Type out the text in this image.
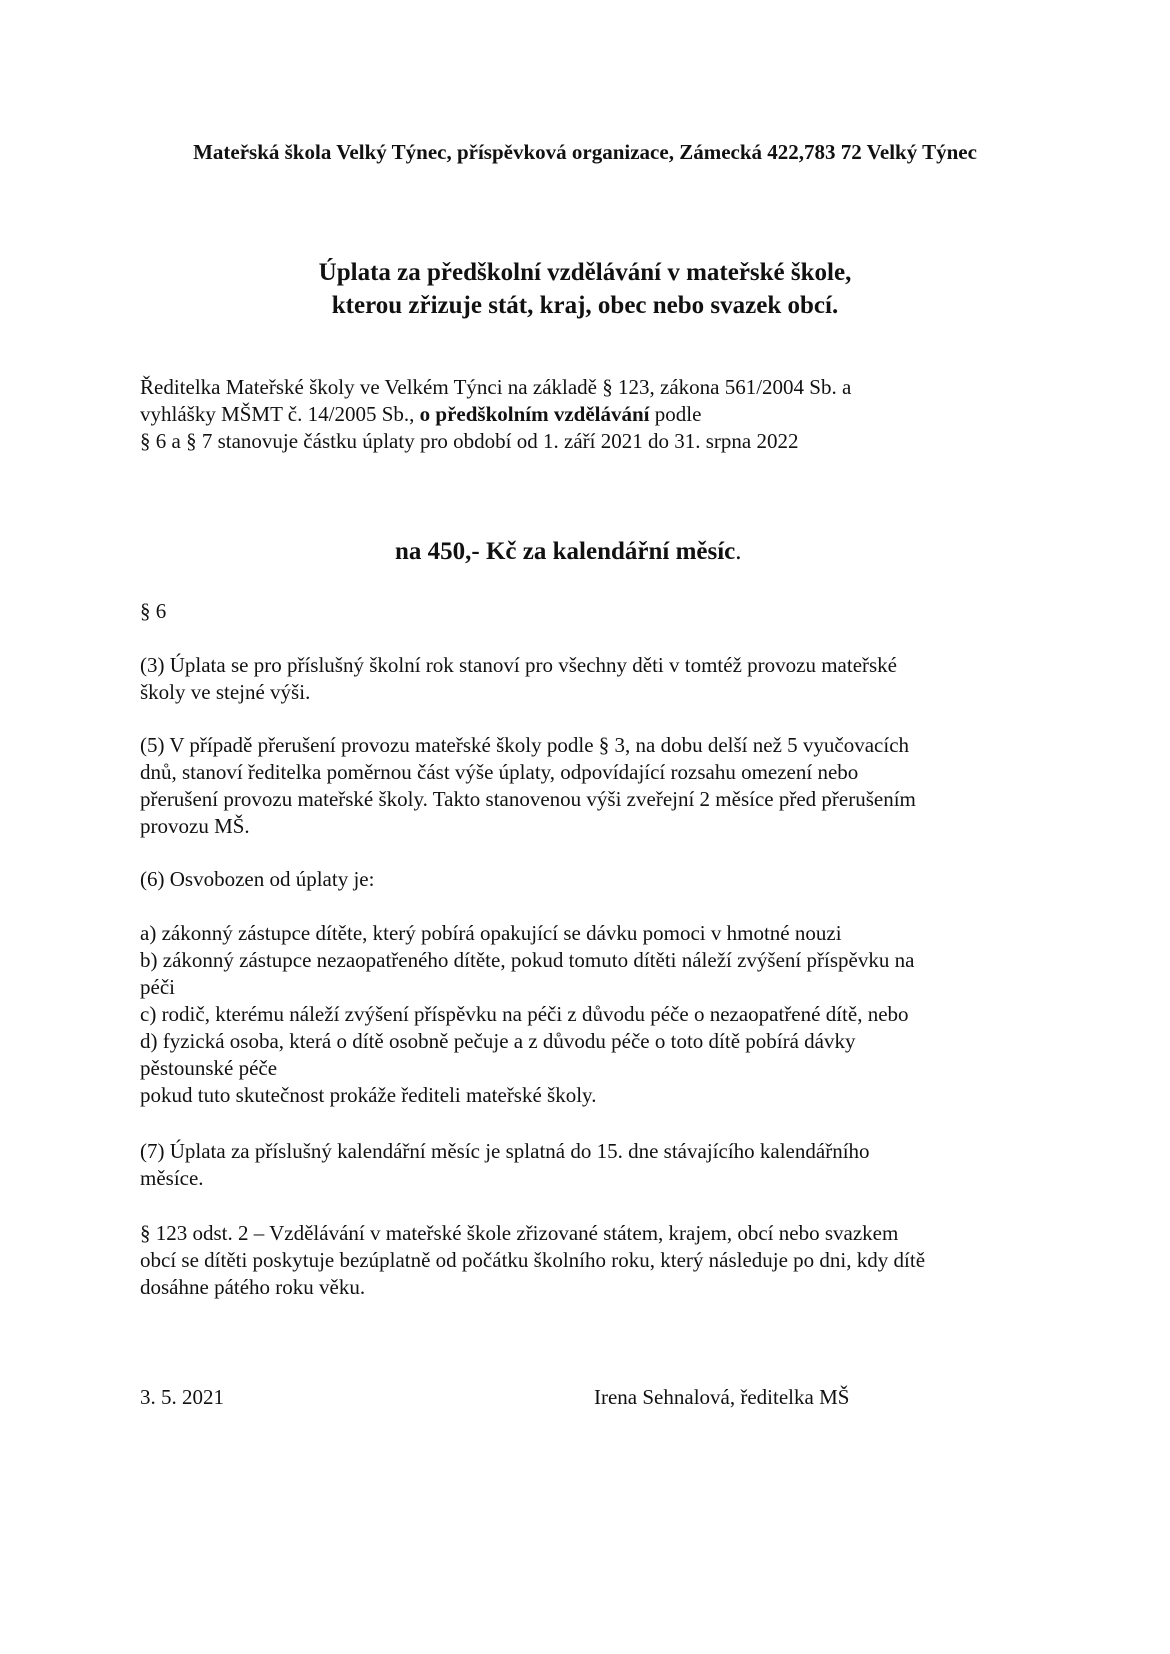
Mateřská škola Velký Týnec, příspěvková organizace, Zámecká 422,783 72 Velký Týnec
Úplata za předškolní vzdělávání v mateřské škole,
kterou zřizuje stát, kraj, obec nebo svazek obcí.
Ředitelka Mateřské školy ve Velkém Týnci na základě § 123, zákona 561/2004 Sb. a
vyhlášky MŠMT č. 14/2005 Sb., o předškolním vzdělávání podle
§ 6 a § 7 stanovuje částku úplaty pro období od 1. září 2021 do 31. srpna 2022
na 450,- Kč za kalendářní měsíc.
§ 6
(3) Úplata se pro příslušný školní rok stanoví pro všechny děti v tomtéž provozu mateřské
školy ve stejné výši.
(5) V případě přerušení provozu mateřské školy podle § 3, na dobu delší než 5 vyučovacích
dnů, stanoví ředitelka poměrnou část výše úplaty, odpovídající rozsahu omezení nebo
přerušení provozu mateřské školy. Takto stanovenou výši zveřejní 2 měsíce před přerušením
provozu MŠ.
(6) Osvobozen od úplaty je:
a) zákonný zástupce dítěte, který pobírá opakující se dávku pomoci v hmotné nouzi
b) zákonný zástupce nezaopatřeného dítěte, pokud tomuto dítěti náleží zvýšení příspěvku na
péči
c) rodič, kterému náleží zvýšení příspěvku na péči z důvodu péče o nezaopatřené dítě, nebo
d) fyzická osoba, která o dítě osobně pečuje a z důvodu péče o toto dítě pobírá dávky
pěstounské péče
pokud tuto skutečnost prokáže řediteli mateřské školy.
(7) Úplata za příslušný kalendářní měsíc je splatná do 15. dne stávajícího kalendářního
měsíce.
§ 123 odst. 2 – Vzdělávání v mateřské škole zřizované státem, krajem, obcí nebo svazkem
obcí se dítěti poskytuje bezúplatně od počátku školního roku, který následuje po dni, kdy dítě
dosáhne pátého roku věku.
3. 5. 2021	Irena Sehnalová, ředitelka MŠ
